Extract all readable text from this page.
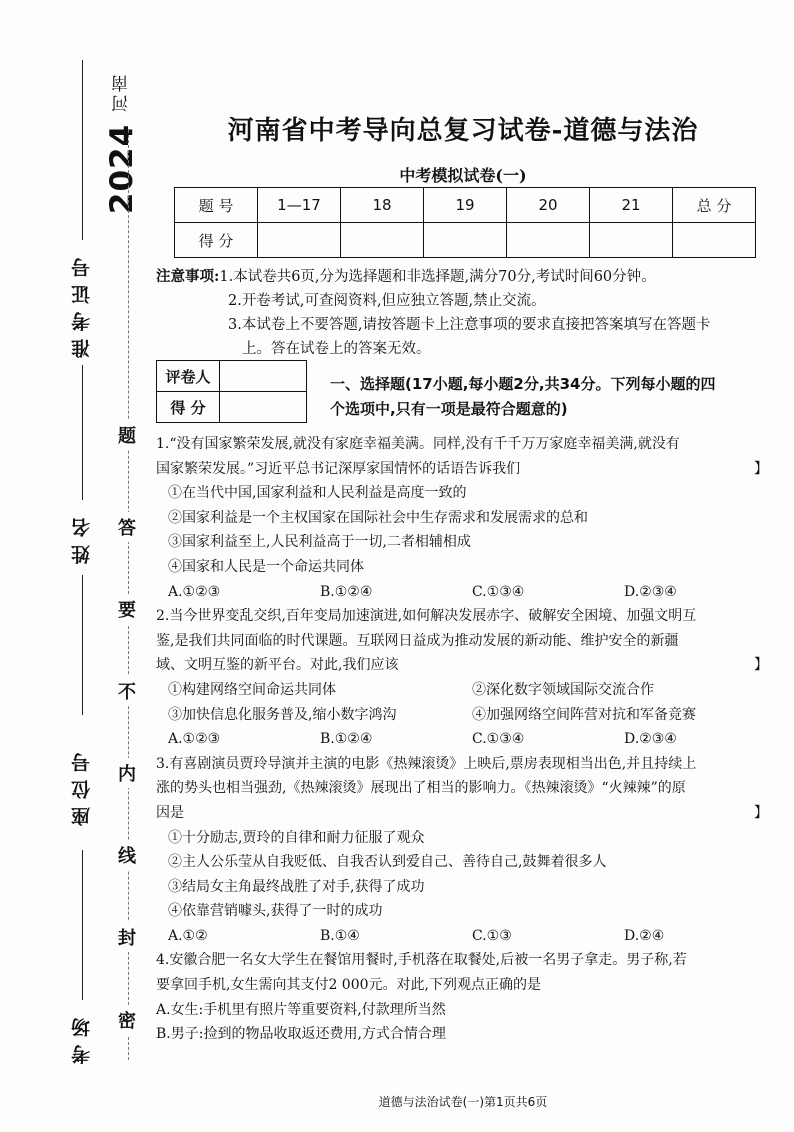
2024 河南
准考证号
姓名
座位号
考场 密
封
线
内
不
要
答
题
河南省中考导向总复习试卷-道德与法治
中考模拟试卷(一)
题 号	1—17	18	19	20	21	总 分
得 分						
注意事项:1.本试卷共6页,分为选择题和非选择题,满分70分,考试时间60分钟。
2.开卷考试,可查阅资料,但应独立答题,禁止交流。
3.本试卷上不要答题,请按答题卡上注意事项的要求直接把答案填写在答题卡
上。答在试卷上的答案无效。
评卷人	
得 分	
一、选择题(17小题,每小题2分,共34分。下列每小题的四
个选项中,只有一项是最符合题意的)
1.“没有国家繁荣发展,就没有家庭幸福美满。同样,没有千千万万家庭幸福美满,就没有
国家繁荣发展。”习近平总书记深厚家国情怀的话语告诉我们	】
①在当代中国,国家利益和人民利益是高度一致的
②国家利益是一个主权国家在国际社会中生存需求和发展需求的总和
③国家利益至上,人民利益高于一切,二者相辅相成
④国家和人民是一个命运共同体
A.①②③	B.①②④	C.①③④	D.②③④
2.当今世界变乱交织,百年变局加速演进,如何解决发展赤字、破解安全困境、加强文明互
鉴,是我们共同面临的时代课题。互联网日益成为推动发展的新动能、维护安全的新疆
域、文明互鉴的新平台。对此,我们应该	】
①构建网络空间命运共同体	②深化数字领域国际交流合作
③加快信息化服务普及,缩小数字鸿沟	④加强网络空间阵营对抗和军备竞赛
A.①②③	B.①②④	C.①③④	D.②③④
3.有喜剧演员贾玲导演并主演的电影《热辣滚烫》上映后,票房表现相当出色,并且持续上
涨的势头也相当强劲,《热辣滚烫》展现出了相当的影响力。《热辣滚烫》“火辣辣”的原
因是	】
①十分励志,贾玲的自律和耐力征服了观众
②主人公乐莹从自我贬低、自我否认到爱自己、善待自己,鼓舞着很多人
③结局女主角最终战胜了对手,获得了成功
④依靠营销噱头,获得了一时的成功
A.①②	B.①④	C.①③	D.②④
4.安徽合肥一名女大学生在餐馆用餐时,手机落在取餐处,后被一名男子拿走。男子称,若
要拿回手机,女生需向其支付2 000元。对此,下列观点正确的是
A.女生:手机里有照片等重要资料,付款理所当然
B.男子:捡到的物品收取返还费用,方式合情合理
道德与法治试卷(一)第1页共6页
